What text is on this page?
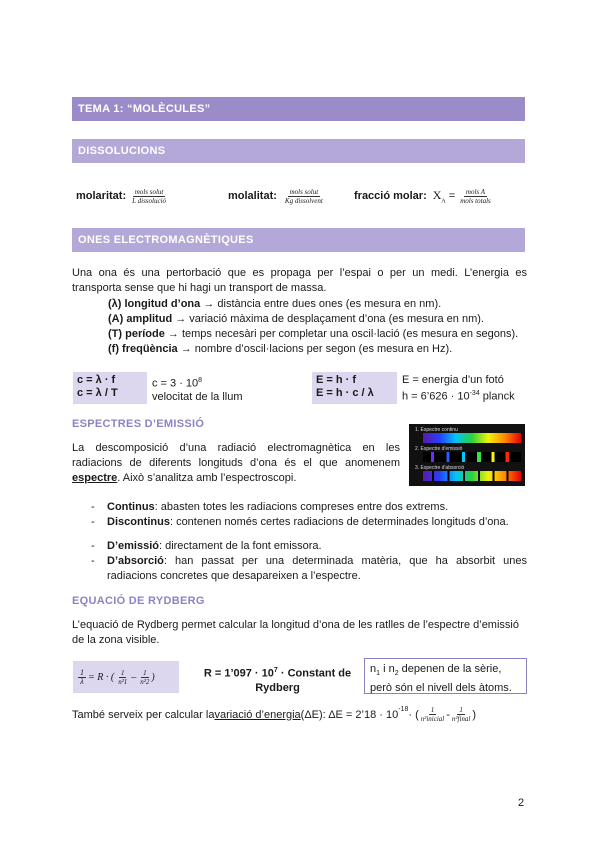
TEMA 1: “MOLÈCULES”
DISSOLUCIONS
molaritat: $\frac{\text{mols solut}}{\text{L dissolució}}$	molalitat: $\frac{\text{mols solut}}{\text{Kg dissolvent}}$	fracció molar: $X_A = \frac{\text{mols A}}{\text{mols totals}}$
ONES ELECTROMAGNÈTIQUES
Una ona és una pertorbació que es propaga per l’espai o per un medi. L’energia es transporta sense que hi hagi un transport de massa.
(λ) longitud d’ona → distància entre dues ones (es mesura en nm).
(A) amplitud → variació màxima de desplaçament d’ona (es mesura en nm).
(T) període → temps necesàri per completar una oscil·lació (es mesura en segons).
(f) freqüència → nombre d’oscil·lacions per segon (es mesura en Hz).
c = λ · f
c = λ / T
$c = 3 \cdot 10^8$
velocitat de la llum
E = h · f
E = h · c / λ
E = energia d’un fotó
h = 6’626 · $10^{-34}$ planck
ESPECTRES D’EMISSIÓ
La descomposició d’una radiació electromagnètica en les radiacions de diferents longituds d’ona és el que anomenem espectre. Això s’analitza amb l’espectroscopi.
1. Espectre continu
2. Espectre d'emissió
3. Espectre d'absorció
- Continus: abasten totes les radiacions compreses entre dos extrems.
- Discontinus: contenen només certes radiacions de determinades longituds d’ona.
- D’emissió: directament de la font emissora.
- D’absorció: han passat per una determinada matèria, que ha absorbit unes radiacions concretes que desapareixen a l’espectre.
EQUACIÓ DE RYDBERG
L’equació de Rydberg permet calcular la longitud d’ona de les ratlles de l’espectre d’emissió de la zona visible.
$\frac{1}{\lambda} = R$ · ( $\frac{1}{\text{n²1}} - \frac{1}{\text{n²2}}$ )	R = 1’097 · $10^7$ · Constant de Rydberg
$n_1$ i $n_2$ depenen de la sèrie, però són el nivell dels àtoms.
També serveix per calcular la variació d’energia (ΔE): ΔE = 2’18 · $10^{-18}$ · ( $\frac{1}{\text{n²inicial}} - \frac{1}{\text{n²final}}$ )
2
